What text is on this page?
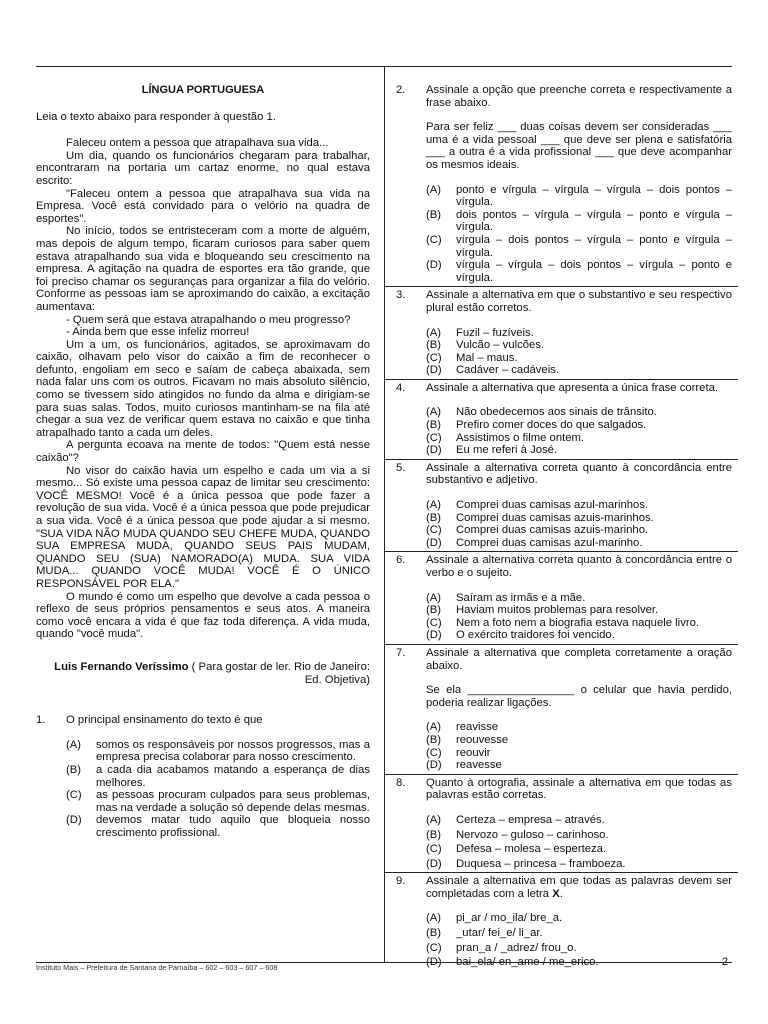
LÍNGUA PORTUGUESA

Leia o texto abaixo para responder à questão 1.

Faleceu ontem a pessoa que atrapalhava sua vida...

Um dia, quando os funcionários chegaram para trabalhar, encontraram na portaria um cartaz enorme, no qual estava escrito:

"Faleceu ontem a pessoa que atrapalhava sua vida na Empresa. Você está convidado para o velório na quadra de esportes".

No início, todos se entristeceram com a morte de alguém, mas depois de algum tempo, ficaram curiosos para saber quem estava atrapalhando sua vida e bloqueando seu crescimento na empresa. A agitação na quadra de esportes era tão grande, que foi preciso chamar os seguranças para organizar a fila do velório. Conforme as pessoas iam se aproximando do caixão, a excitação aumentava:

- Quem será que estava atrapalhando o meu progresso?

- Ainda bem que esse infeliz morreu!

Um a um, os funcionários, agitados, se aproximavam do caixão, olhavam pelo visor do caixão a fim de reconhecer o defunto, engoliam em seco e saíam de cabeça abaixada, sem nada falar uns com os outros. Ficavam no mais absoluto silêncio, como se tivessem sido atingidos no fundo da alma e dirigiam-se para suas salas. Todos, muito curiosos mantinham-se na fila até chegar a sua vez de verificar quem estava no caixão e que tinha atrapalhado tanto a cada um deles.

A pergunta ecoava na mente de todos: "Quem está nesse caixão"?

No visor do caixão havia um espelho e cada um via a si mesmo... Só existe uma pessoa capaz de limitar seu crescimento: VOCÊ MESMO! Você é a única pessoa que pode fazer a revolução de sua vida. Você é a única pessoa que pode prejudicar a sua vida. Você é a única pessoa que pode ajudar a si mesmo. "SUA VIDA NÃO MUDA QUANDO SEU CHEFE MUDA, QUANDO SUA EMPRESA MUDA, QUANDO SEUS PAIS MUDAM, QUANDO SEU (SUA) NAMORADO(A) MUDA. SUA VIDA MUDA... QUANDO VOCÊ MUDA! VOCÊ É O ÚNICO RESPONSÁVEL POR ELA."

O mundo é como um espelho que devolve a cada pessoa o reflexo de seus próprios pensamentos e seus atos. A maneira como você encara a vida é que faz toda diferença. A vida muda, quando "você muda".

Luis Fernando Veríssimo ( Para gostar de ler. Rio de Janeiro: Ed. Objetiva)

1. O principal ensinamento do texto é que

(A) somos os responsáveis por nossos progressos, mas a empresa precisa colaborar para nosso crescimento.
(B) a cada dia acabamos matando a esperança de dias melhores.
(C) as pessoas procuram culpados para seus problemas, mas na verdade a solução só depende delas mesmas.
(D) devemos matar tudo aquilo que bloqueia nosso crescimento profissional.
2. Assinale a opção que preenche correta e respectivamente a frase abaixo.

Para ser feliz ___ duas coisas devem ser consideradas ___ uma é a vida pessoal ___ que deve ser plena e satisfatória ___ a outra é a vida profissional ___ que deve acompanhar os mesmos ideais.

(A) ponto e vírgula – vírgula – vírgula – dois pontos – vírgula.
(B) dois pontos – vírgula – vírgula – ponto e vírgula – vírgula.
(C) vírgula – dois pontos – vírgula – ponto e vírgula – vírgula.
(D) vírgula – vírgula – dois pontos – vírgula – ponto e vírgula.
3. Assinale a alternativa em que o substantivo e seu respectivo plural estão corretos.

(A) Fuzil – fuzíveis.
(B) Vulcão – vulcões.
(C) Mal – maus.
(D) Cadáver – cadáveis.
4. Assinale a alternativa que apresenta a única frase correta.

(A) Não obedecemos aos sinais de trânsito.
(B) Prefiro comer doces do que salgados.
(C) Assistimos o filme ontem.
(D) Eu me referi à José.
5. Assinale a alternativa correta quanto à concordância entre substantivo e adjetivo.

(A) Comprei duas camisas azul-marinhos.
(B) Comprei duas camisas azuis-marinhos.
(C) Comprei duas camisas azuis-marinho.
(D) Comprei duas camisas azul-marinho.
6. Assinale a alternativa correta quanto à concordância entre o verbo e o sujeito.

(A) Saíram as irmãs e a mãe.
(B) Haviam muitos problemas para resolver.
(C) Nem a foto nem a biografia estava naquele livro.
(D) O exército traidores foi vencido.
7. Assinale a alternativa que completa corretamente a oração abaixo.

Se ela _________________ o celular que havia perdido, poderia realizar ligações.

(A) reavisse
(B) reouvesse
(C) reouvir
(D) reavesse
8. Quanto à ortografia, assinale a alternativa em que todas as palavras estão corretas.

(A) Certeza – empresa – através.
(B) Nervozo – guloso – carinhoso.
(C) Defesa – molesa – esperteza.
(D) Duquesa – princesa – framboeza.
9. Assinale a alternativa em que todas as palavras devem ser completadas com a letra X.

(A) pi_ar / mo_ila/ bre_a.
(B) _utar/ fei_e/ li_ar.
(C) pran_a / _adrez/ frou_o.
(D) bai_ela/ en_ame / me_erico.
Instituto Mais – Prefeitura de Santana de Parnaíba – 602 – 603 – 607 – 608	2
